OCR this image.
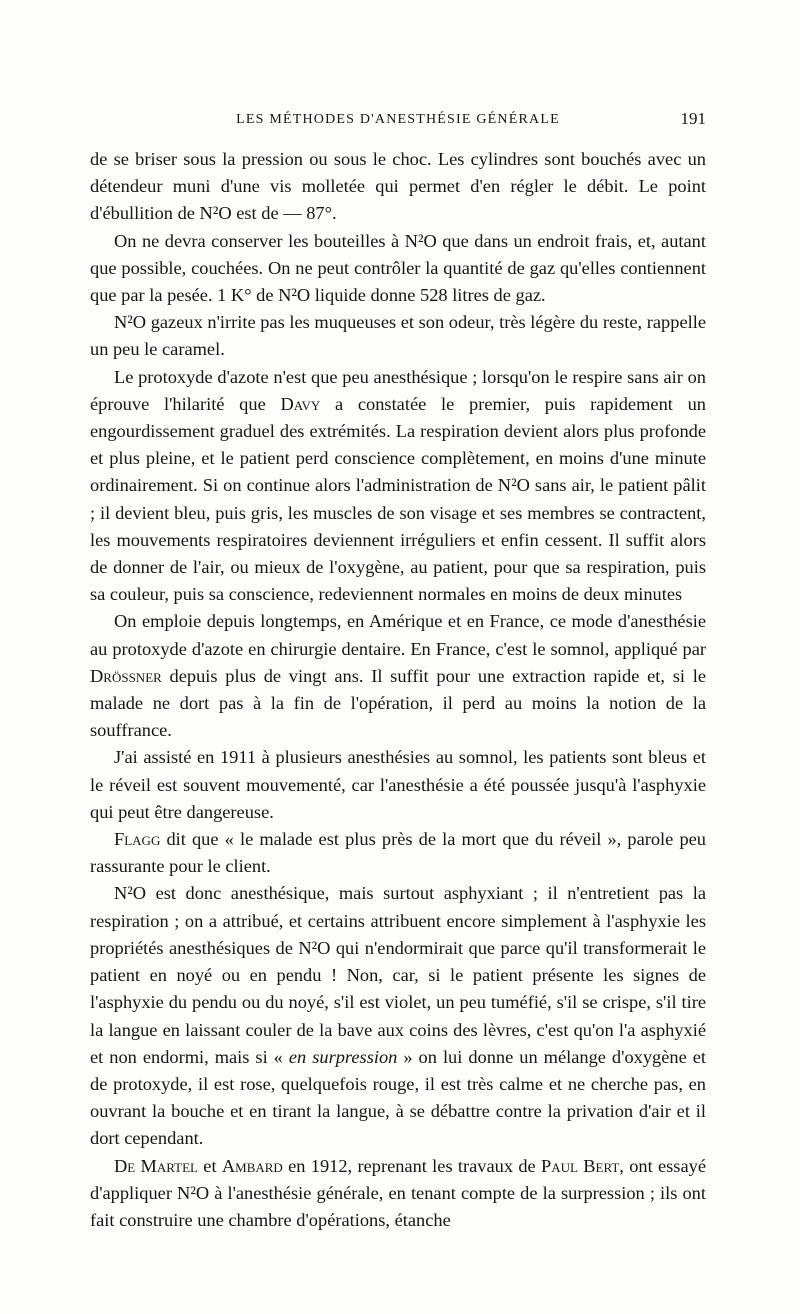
LES MÉTHODES D'ANESTHÉSIE GÉNÉRALE	191

de se briser sous la pression ou sous le choc. Les cylindres sont bouchés avec un détendeur muni d'une vis molletée qui permet d'en régler le débit. Le point d'ébullition de N²O est de — 87°.

On ne devra conserver les bouteilles à N²O que dans un endroit frais, et, autant que possible, couchées. On ne peut contrôler la quantité de gaz qu'elles contiennent que par la pesée. 1 K° de N²O liquide donne 528 litres de gaz.

N²O gazeux n'irrite pas les muqueuses et son odeur, très légère du reste, rappelle un peu le caramel.

Le protoxyde d'azote n'est que peu anesthésique ; lorsqu'on le respire sans air on éprouve l'hilarité que Davy a constatée le premier, puis rapidement un engourdissement graduel des extrémités. La respiration devient alors plus profonde et plus pleine, et le patient perd conscience complètement, en moins d'une minute ordinairement. Si on continue alors l'administration de N²O sans air, le patient pâlit ; il devient bleu, puis gris, les muscles de son visage et ses membres se contractent, les mouvements respiratoires deviennent irréguliers et enfin cessent. Il suffit alors de donner de l'air, ou mieux de l'oxygène, au patient, pour que sa respiration, puis sa couleur, puis sa conscience, redeviennent normales en moins de deux minutes

On emploie depuis longtemps, en Amérique et en France, ce mode d'anesthésie au protoxyde d'azote en chirurgie dentaire. En France, c'est le somnol, appliqué par Drössner depuis plus de vingt ans. Il suffit pour une extraction rapide et, si le malade ne dort pas à la fin de l'opération, il perd au moins la notion de la souffrance.

J'ai assisté en 1911 à plusieurs anesthésies au somnol, les patients sont bleus et le réveil est souvent mouvementé, car l'anesthésie a été poussée jusqu'à l'asphyxie qui peut être dangereuse.

Flagg dit que « le malade est plus près de la mort que du réveil », parole peu rassurante pour le client.

N²O est donc anesthésique, mais surtout asphyxiant ; il n'entretient pas la respiration ; on a attribué, et certains attribuent encore simplement à l'asphyxie les propriétés anesthésiques de N²O qui n'endormirait que parce qu'il transformerait le patient en noyé ou en pendu ! Non, car, si le patient présente les signes de l'asphyxie du pendu ou du noyé, s'il est violet, un peu tuméfié, s'il se crispe, s'il tire la langue en laissant couler de la bave aux coins des lèvres, c'est qu'on l'a asphyxié et non endormi, mais si « en surpression » on lui donne un mélange d'oxygène et de protoxyde, il est rose, quelquefois rouge, il est très calme et ne cherche pas, en ouvrant la bouche et en tirant la langue, à se débattre contre la privation d'air et il dort cependant.

De Martel et Ambard en 1912, reprenant les travaux de Paul Bert, ont essayé d'appliquer N²O à l'anesthésie générale, en tenant compte de la surpression ; ils ont fait construire une chambre d'opérations, étanche
